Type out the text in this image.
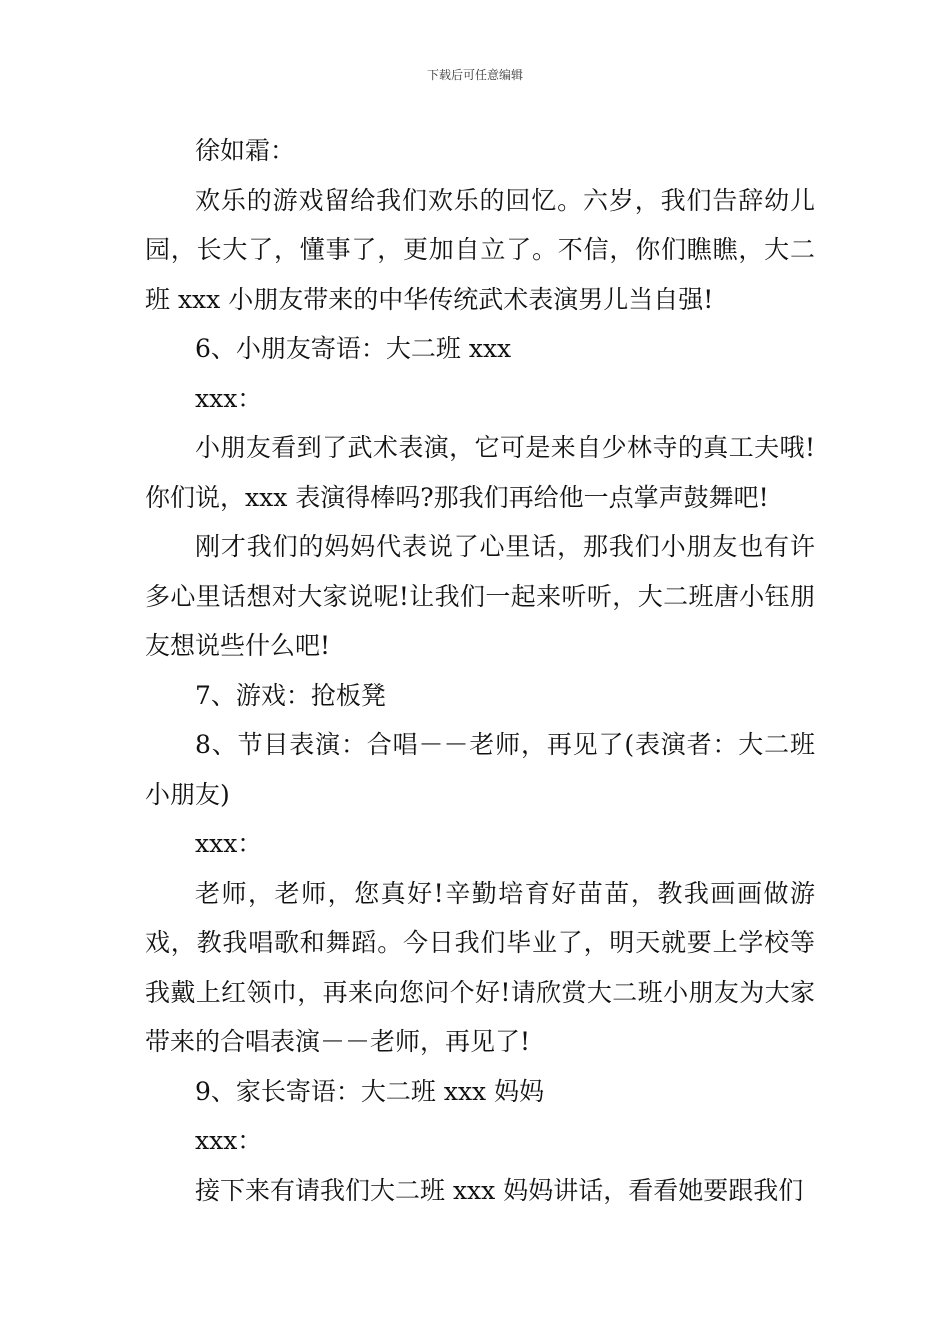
下载后可任意编辑

徐如霜：

欢乐的游戏留给我们欢乐的回忆。六岁，我们告辞幼儿园，长大了，懂事了，更加自立了。不信，你们瞧瞧，大二班 xxx 小朋友带来的中华传统武术表演男儿当自强!

6、小朋友寄语：大二班 xxx

xxx：

小朋友看到了武术表演，它可是来自少林寺的真工夫哦!你们说，xxx 表演得棒吗?那我们再给他一点掌声鼓舞吧!

刚才我们的妈妈代表说了心里话，那我们小朋友也有许多心里话想对大家说呢!让我们一起来听听，大二班唐小钰朋友想说些什么吧!

7、游戏：抢板凳

8、节目表演：合唱－－老师，再见了(表演者：大二班小朋友)

xxx：

老师，老师，您真好!辛勤培育好苗苗，教我画画做游戏，教我唱歌和舞蹈。今日我们毕业了，明天就要上学校等我戴上红领巾，再来向您问个好!请欣赏大二班小朋友为大家带来的合唱表演－－老师，再见了!

9、家长寄语：大二班 xxx 妈妈

xxx：

接下来有请我们大二班 xxx 妈妈讲话，看看她要跟我们
